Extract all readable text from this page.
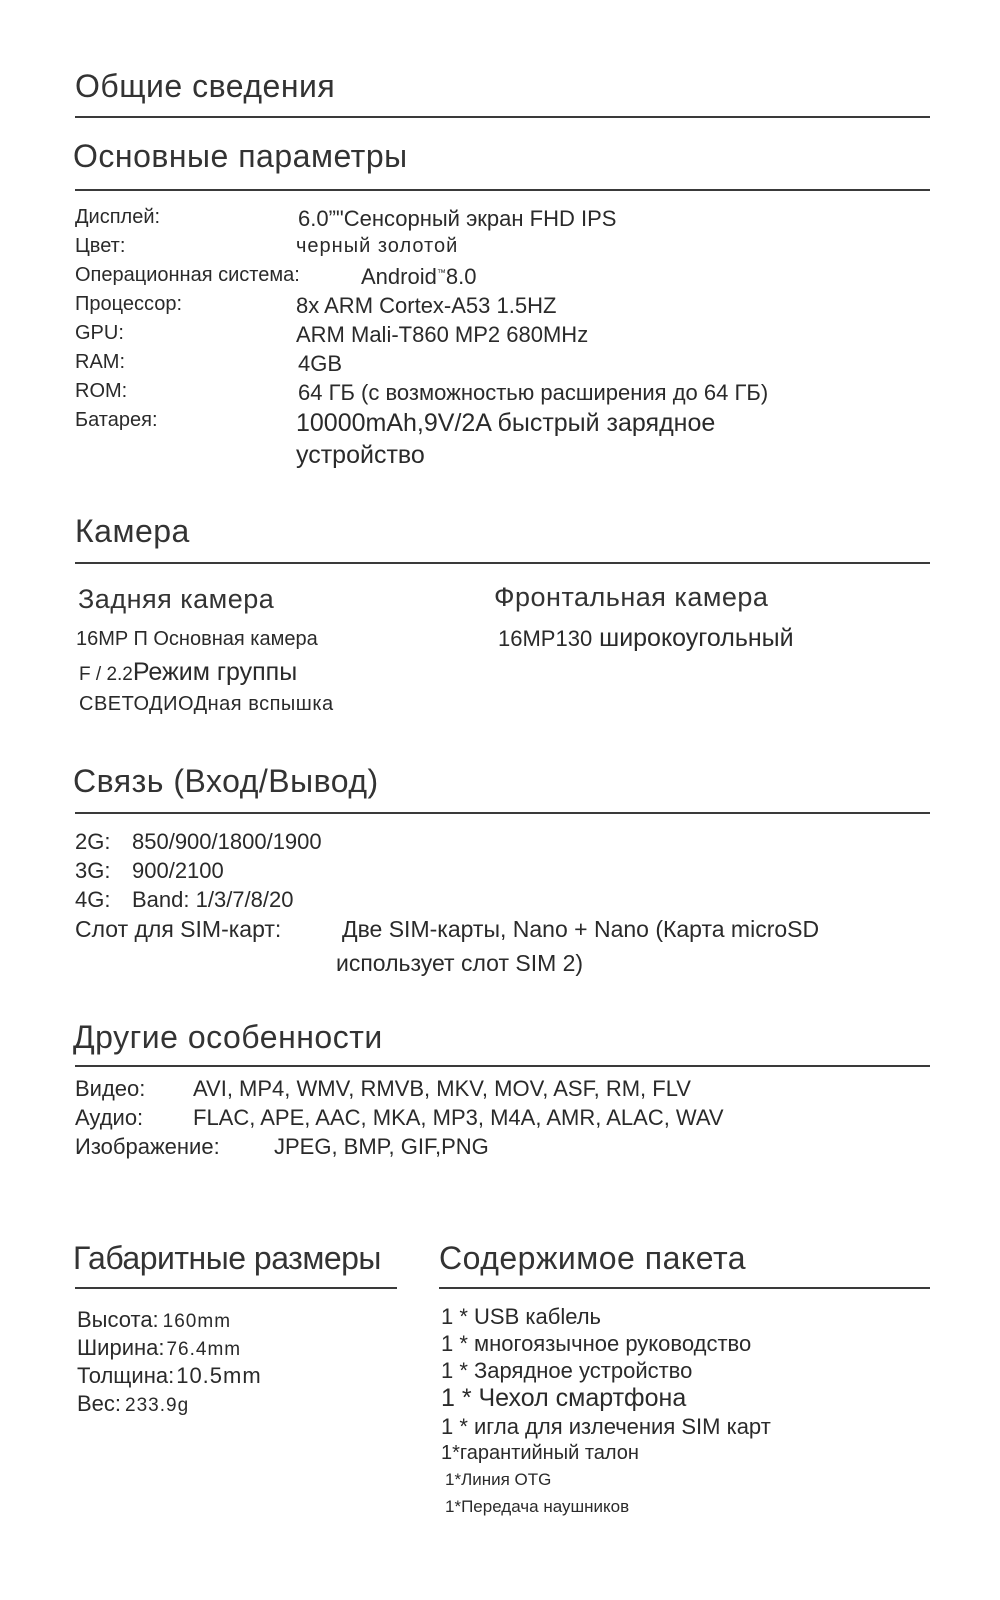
Общие сведения
Основные параметры
Дисплей:	6.0”"Сенсорный экран FHD IPS
Цвет:	черный золотой
Операционная система:	Android™8.0
Процессор:	8x ARM Cortex-A53 1.5HZ
GPU:	ARM Mali-T860 MP2 680MHz
RAM:	4GB
ROM:	64 ГБ (с возможностью расширения до 64 ГБ)
Батарея:	10000mAh,9V/2A быстрый зарядное
устройство
Камера
Задняя камера
16MP П Основная камера
F / 2.2Режим группы
СВЕТОДИОДная вспышка
Фронтальная камера
16MP130 широкоугольный
Связь (Вход/Вывод)
2G: 850/900/1800/1900
3G: 900/2100
4G: Band: 1/3/7/8/20
Слот для SIM-карт:	Две SIM-карты, Nano + Nano (Карта microSD
использует слот SIM 2)
Другие особенности
Видео: AVI, MP4, WMV, RMVB, MKV, MOV, ASF, RM, FLV
Аудио: FLAC, APE, AAC, MKA, MP3, M4A, AMR, ALAC, WAV
Изображение: JPEG, BMP, GIF,PNG
Габаритные размеры
Высота: 160mm
Ширина: 76.4mm
Толщина:10.5mm
Вес: 233.9g
Содержимое пакета
1 * USB кабlель
1 * многоязычное руководство
1 * Зарядное устройство
1 * Чехол смартфона
1 * игла для излечения SIM карт
1*гарантийный талон
1*Линия OTG
1*Передача наушников
